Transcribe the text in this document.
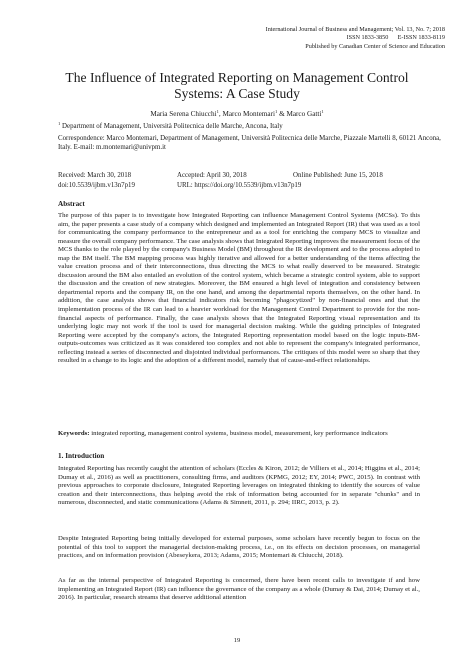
International Journal of Business and Management; Vol. 13, No. 7; 2018
ISSN 1833-3850      E-ISSN 1833-8119
Published by Canadian Center of Science and Education
The Influence of Integrated Reporting on Management Control Systems: A Case Study
Maria Serena Chiucchi$^1$, Marco Montemari$^1$ & Marco Gatti$^1$
$^1$ Department of Management, Università Politecnica delle Marche, Ancona, Italy
Correspondence: Marco Montemari, Department of Management, Università Politecnica delle Marche, Piazzale Martelli 8, 60121 Ancona, Italy. E-mail: m.montemari@univpm.it
Received: March 30, 2018	Accepted: April 30, 2018	Online Published: June 15, 2018
doi:10.5539/ijbm.v13n7p19	URL: https://doi.org/10.5539/ijbm.v13n7p19
Abstract
The purpose of this paper is to investigate how Integrated Reporting can influence Management Control Systems (MCSs). To this aim, the paper presents a case study of a company which designed and implemented an Integrated Report (IR) that was used as a tool for communicating the company performance to the entrepreneur and as a tool for enriching the company MCS to visualize and measure the overall company performance. The case analysis shows that Integrated Reporting improves the measurement focus of the MCS thanks to the role played by the company's Business Model (BM) throughout the IR development and to the process adopted to map the BM itself. The BM mapping process was highly iterative and allowed for a better understanding of the items affecting the value creation process and of their interconnections, thus directing the MCS to what really deserved to be measured. Strategic discussion around the BM also entailed an evolution of the control system, which became a strategic control system, able to support the discussion and the creation of new strategies. Moreover, the BM ensured a high level of integration and consistency between departmental reports and the company IR, on the one hand, and among the departmental reports themselves, on the other hand. In addition, the case analysis shows that financial indicators risk becoming "phagocytized" by non-financial ones and that the implementation process of the IR can lead to a heavier workload for the Management Control Department to provide for the non-financial aspects of performance. Finally, the case analysis shows that the Integrated Reporting visual representation and its underlying logic may not work if the tool is used for managerial decision making. While the guiding principles of Integrated Reporting were accepted by the company's actors, the Integrated Reporting representation model based on the logic inputs-BM-outputs-outcomes was criticized as it was considered too complex and not able to represent the company's integrated performance, reflecting instead a series of disconnected and disjointed individual performances. The critiques of this model were so sharp that they resulted in a change to its logic and the adoption of a different model, namely that of cause-and-effect relationships.
Keywords: integrated reporting, management control systems, business model, measurement, key performance indicators
1. Introduction
Integrated Reporting has recently caught the attention of scholars (Eccles & Kiron, 2012; de Villiers et al., 2014; Higgins et al., 2014; Dumay et al., 2016) as well as practitioners, consulting firms, and auditors (KPMG, 2012; EY, 2014; PWC, 2015). In contrast with previous approaches to corporate disclosure, Integrated Reporting leverages on integrated thinking to identify the sources of value creation and their interconnections, thus helping avoid the risk of information being accounted for in separate "chunks" and in numerous, disconnected, and static communications (Adams & Simnett, 2011, p. 294; IIRC, 2013, p. 2).
Despite Integrated Reporting being initially developed for external purposes, some scholars have recently begun to focus on the potential of this tool to support the managerial decision-making process, i.e., on its effects on decision processes, on managerial practices, and on information provision (Abeseykera, 2013; Adams, 2015; Montemari & Chiucchi, 2018).
As far as the internal perspective of Integrated Reporting is concerned, there have been recent calls to investigate if and how implementing an Integrated Report (IR) can influence the governance of the company as a whole (Dumay & Dai, 2014; Dumay et al., 2016). In particular, research streams that deserve additional attention
19
